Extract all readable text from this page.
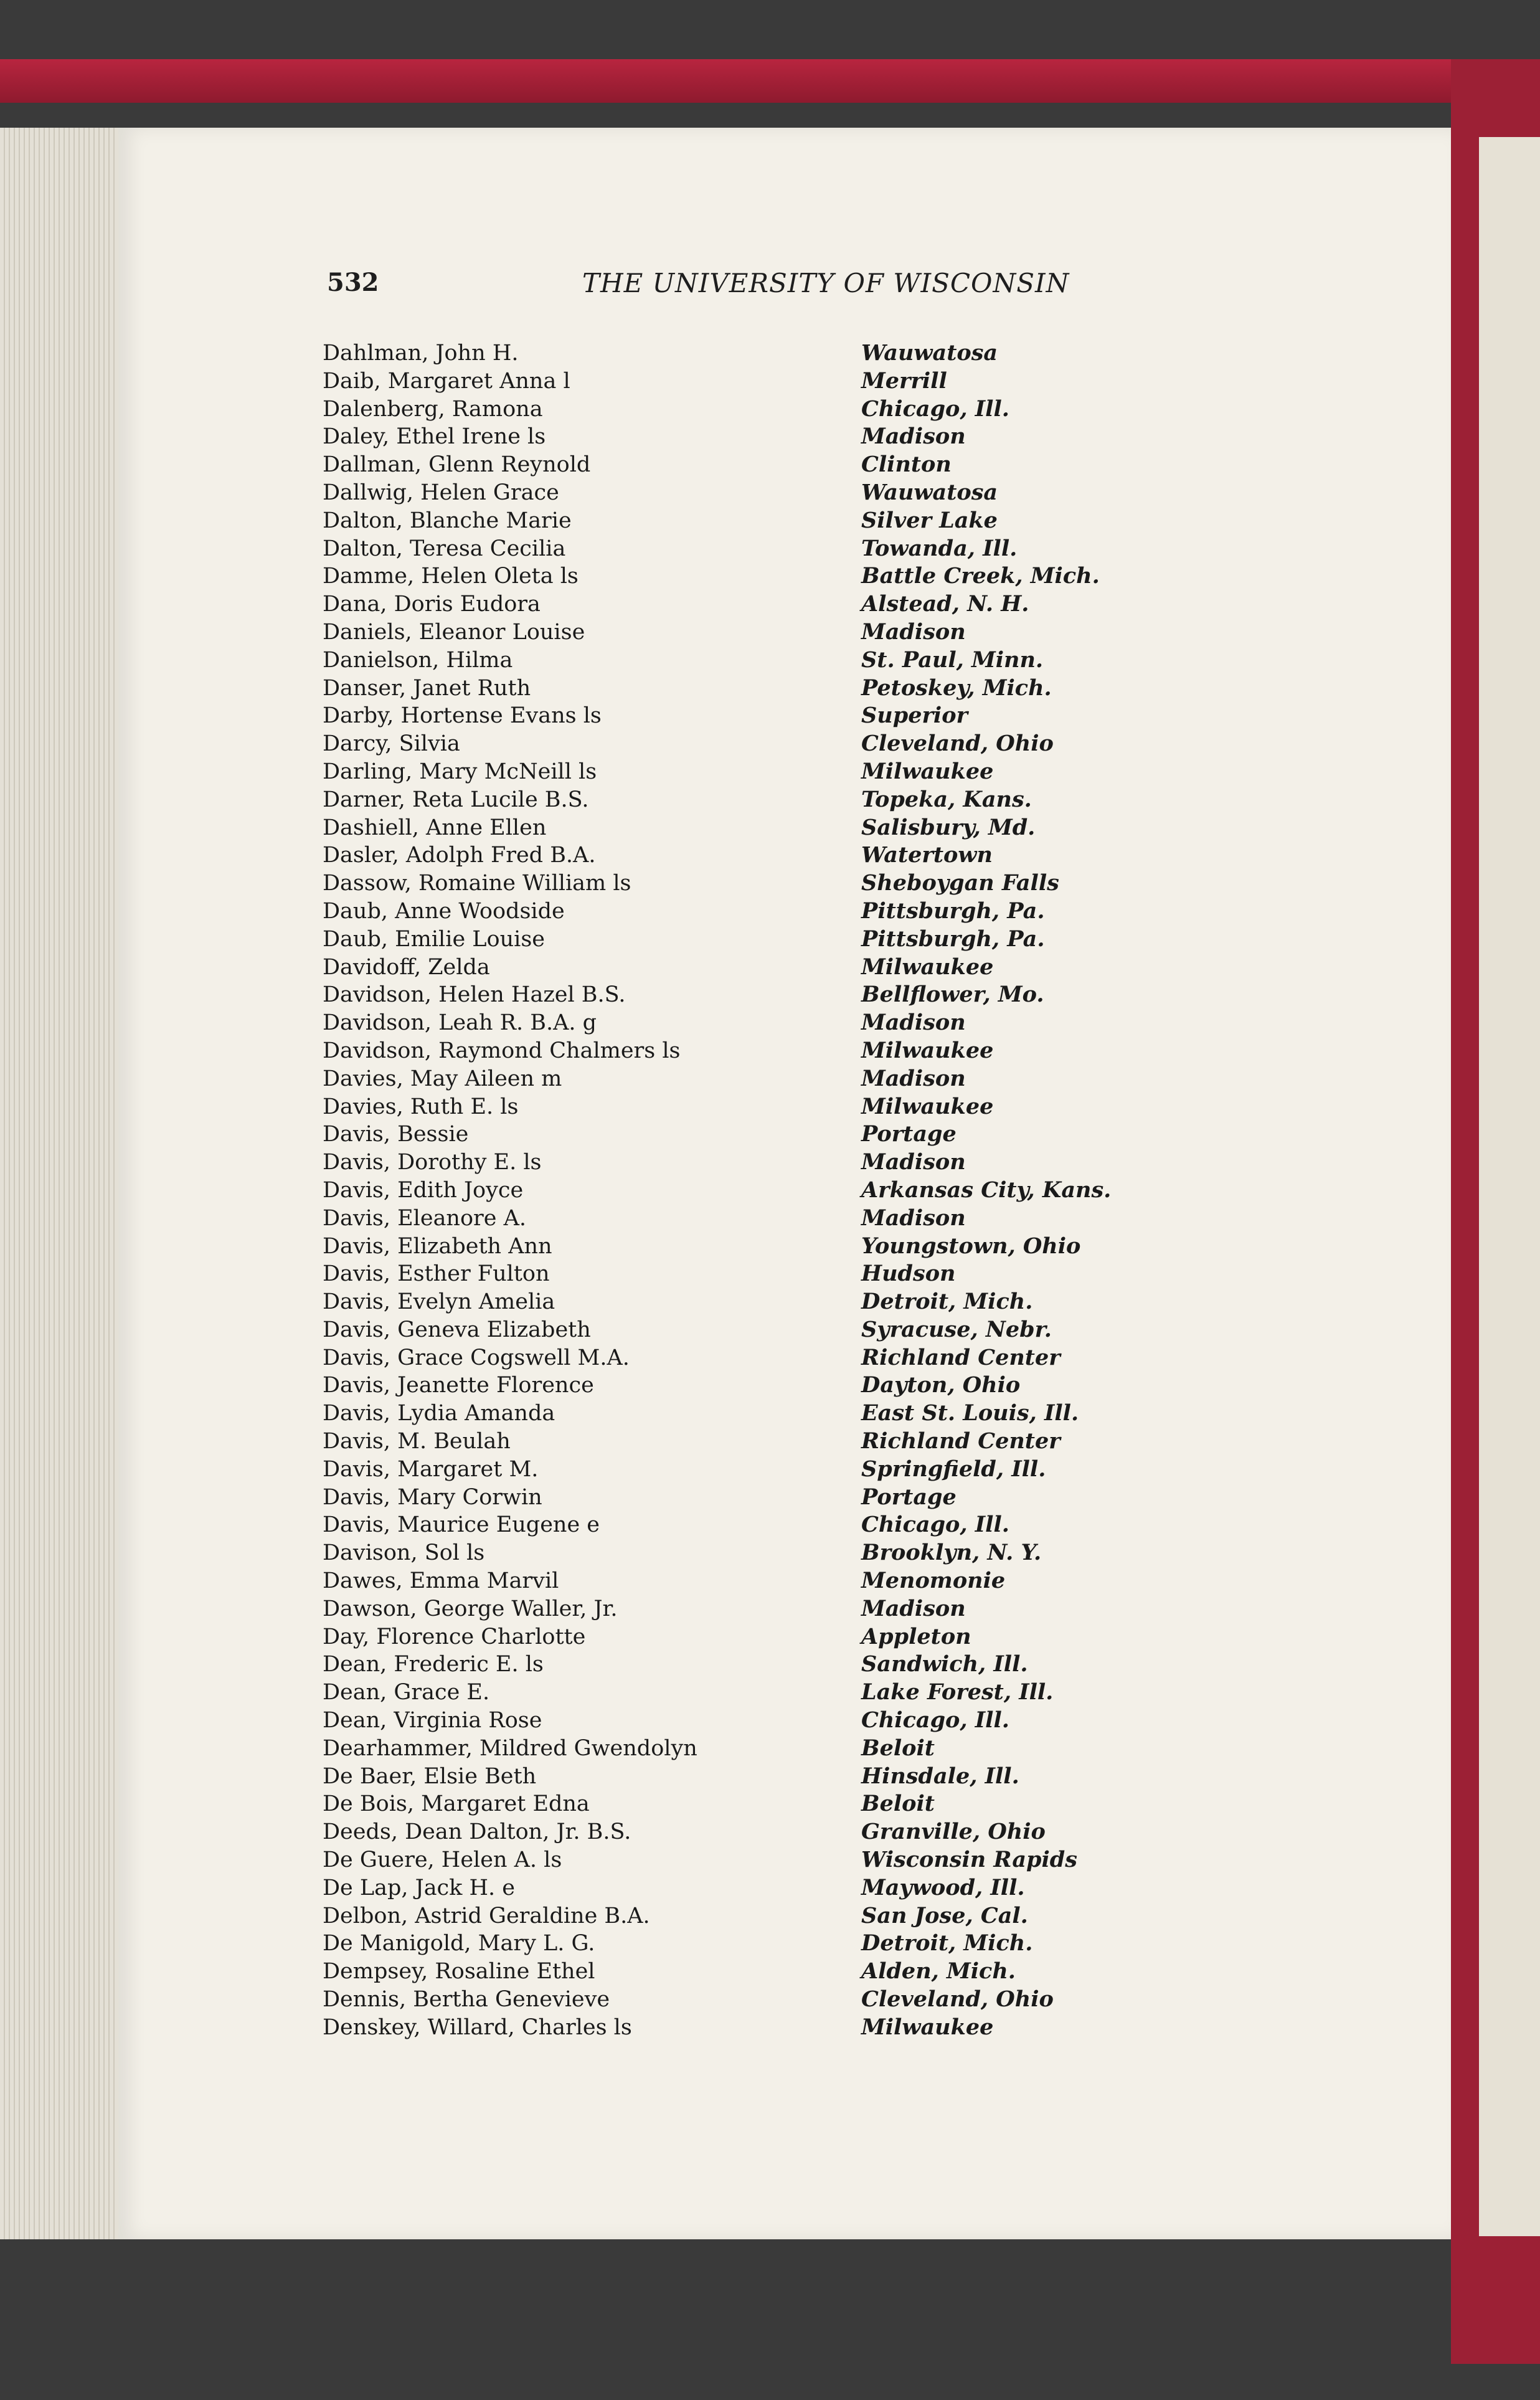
532	THE UNIVERSITY OF WISCONSIN
Dahlman, John H.	Wauwatosa
Daib, Margaret Anna l	Merrill
Dalenberg, Ramona	Chicago, Ill.
Daley, Ethel Irene ls	Madison
Dallman, Glenn Reynold	Clinton
Dallwig, Helen Grace	Wauwatosa
Dalton, Blanche Marie	Silver Lake
Dalton, Teresa Cecilia	Towanda, Ill.
Damme, Helen Oleta ls	Battle Creek, Mich.
Dana, Doris Eudora	Alstead, N. H.
Daniels, Eleanor Louise	Madison
Danielson, Hilma	St. Paul, Minn.
Danser, Janet Ruth	Petoskey, Mich.
Darby, Hortense Evans ls	Superior
Darcy, Silvia	Cleveland, Ohio
Darling, Mary McNeill ls	Milwaukee
Darner, Reta Lucile B.S.	Topeka, Kans.
Dashiell, Anne Ellen	Salisbury, Md.
Dasler, Adolph Fred B.A.	Watertown
Dassow, Romaine William ls	Sheboygan Falls
Daub, Anne Woodside	Pittsburgh, Pa.
Daub, Emilie Louise	Pittsburgh, Pa.
Davidoff, Zelda	Milwaukee
Davidson, Helen Hazel B.S.	Bellflower, Mo.
Davidson, Leah R. B.A. g	Madison
Davidson, Raymond Chalmers ls	Milwaukee
Davies, May Aileen m	Madison
Davies, Ruth E. ls	Milwaukee
Davis, Bessie	Portage
Davis, Dorothy E. ls	Madison
Davis, Edith Joyce	Arkansas City, Kans.
Davis, Eleanore A.	Madison
Davis, Elizabeth Ann	Youngstown, Ohio
Davis, Esther Fulton	Hudson
Davis, Evelyn Amelia	Detroit, Mich.
Davis, Geneva Elizabeth	Syracuse, Nebr.
Davis, Grace Cogswell M.A.	Richland Center
Davis, Jeanette Florence	Dayton, Ohio
Davis, Lydia Amanda	East St. Louis, Ill.
Davis, M. Beulah	Richland Center
Davis, Margaret M.	Springfield, Ill.
Davis, Mary Corwin	Portage
Davis, Maurice Eugene e	Chicago, Ill.
Davison, Sol ls	Brooklyn, N. Y.
Dawes, Emma Marvil	Menomonie
Dawson, George Waller, Jr.	Madison
Day, Florence Charlotte	Appleton
Dean, Frederic E. ls	Sandwich, Ill.
Dean, Grace E.	Lake Forest, Ill.
Dean, Virginia Rose	Chicago, Ill.
Dearhammer, Mildred Gwendolyn	Beloit
De Baer, Elsie Beth	Hinsdale, Ill.
De Bois, Margaret Edna	Beloit
Deeds, Dean Dalton, Jr. B.S.	Granville, Ohio
De Guere, Helen A. ls	Wisconsin Rapids
De Lap, Jack H. e	Maywood, Ill.
Delbon, Astrid Geraldine B.A.	San Jose, Cal.
De Manigold, Mary L. G.	Detroit, Mich.
Dempsey, Rosaline Ethel	Alden, Mich.
Dennis, Bertha Genevieve	Cleveland, Ohio
Denskey, Willard, Charles ls	Milwaukee
